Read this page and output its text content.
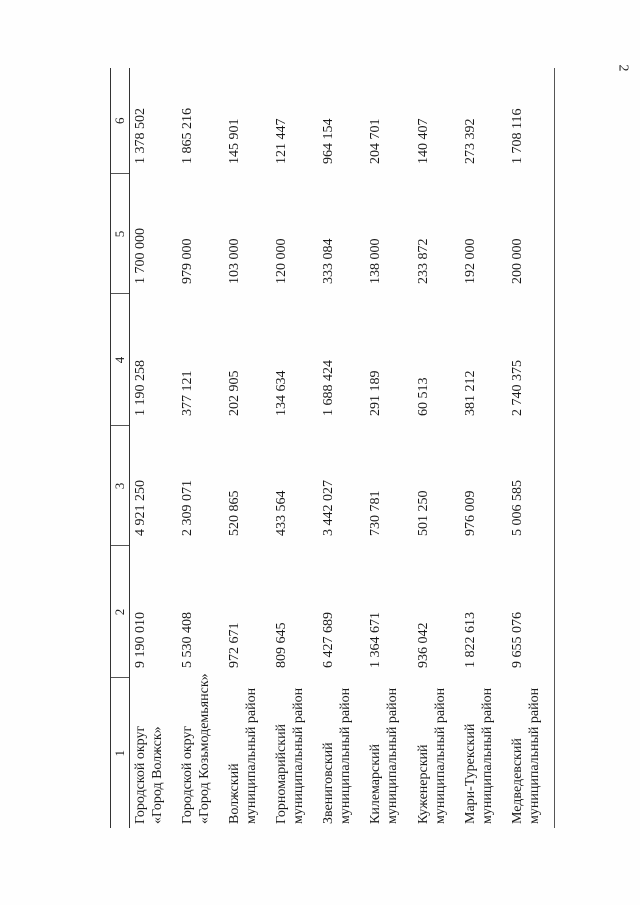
2
1	2	3	4	5	6

Городской округ «Город Волжск»	9 190 010	4 921 250	1 190 258	1 700 000	1 378 502

Городской округ «Город Козьмодемьянск»	5 530 408	2 309 071	377 121	979 000	1 865 216

Волжский муниципальный район	972 671	520 865	202 905	103 000	145 901

Горномарийский муниципальный район	809 645	433 564	134 634	120 000	121 447

Звениговский муниципальный район	6 427 689	3 442 027	1 688 424	333 084	964 154

Килемарский муниципальный район	1 364 671	730 781	291 189	138 000	204 701

Куженерский муниципальный район	936 042	501 250	60 513	233 872	140 407

Мари-Турекский муниципальный район	1 822 613	976 009	381 212	192 000	273 392

Медведевский муниципальный район	9 655 076	5 006 585	2 740 375	200 000	1 708 116
